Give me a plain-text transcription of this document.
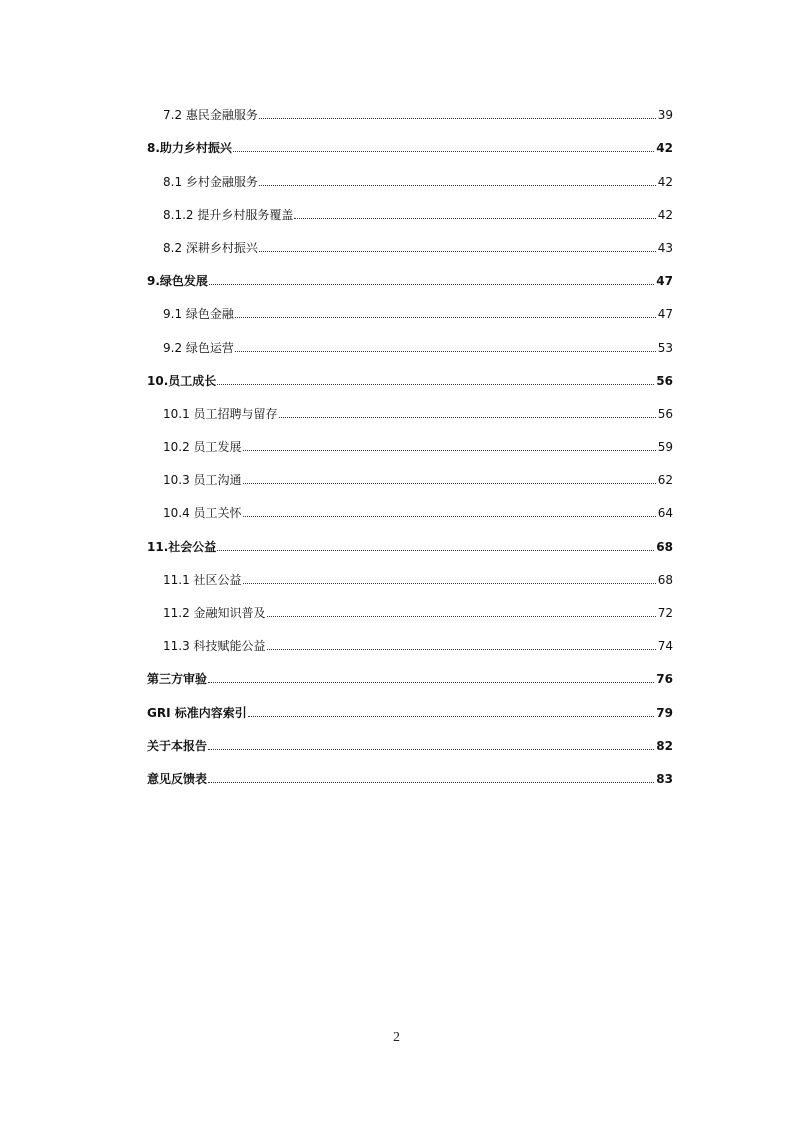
7.2 惠民金融服务	39
8.助力乡村振兴	42
8.1 乡村金融服务	42
8.1.2 提升乡村服务覆盖	42
8.2 深耕乡村振兴	43
9.绿色发展	47
9.1 绿色金融	47
9.2 绿色运营	53
10.员工成长	56
10.1 员工招聘与留存	56
10.2 员工发展	59
10.3 员工沟通	62
10.4 员工关怀	64
11.社会公益	68
11.1 社区公益	68
11.2 金融知识普及	72
11.3 科技赋能公益	74
第三方审验	76
GRI 标准内容索引	79
关于本报告	82
意见反馈表	83
2
